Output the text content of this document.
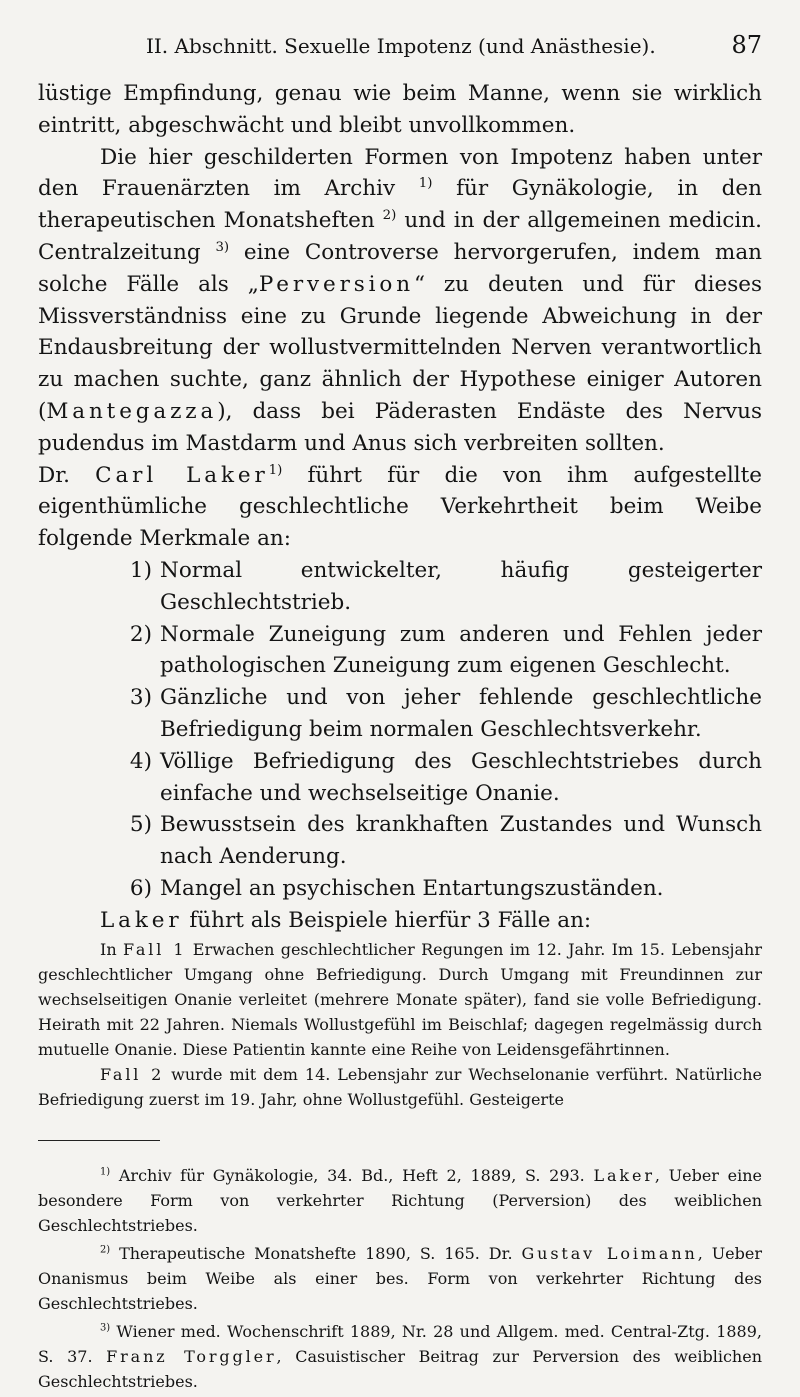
II. Abschnitt. Sexuelle Impotenz (und Anästhesie).	87

lüstige Empfindung, genau wie beim Manne, wenn sie wirklich eintritt, abgeschwächt und bleibt unvollkommen.

Die hier geschilderten Formen von Impotenz haben unter den Frauenärzten im Archiv $^{1)}$ für Gynäkologie, in den therapeutischen Monatsheften $^{2)}$ und in der allgemeinen medicin. Centralzeitung $^{3)}$ eine Controverse hervorgerufen, indem man solche Fälle als „Perversion“ zu deuten und für dieses Missverständniss eine zu Grunde liegende Abweichung in der Endausbreitung der wollustvermittelnden Nerven verantwortlich zu machen suchte, ganz ähnlich der Hypothese einiger Autoren (Mantegazza), dass bei Päderasten Endäste des Nervus pudendus im Mastdarm und Anus sich verbreiten sollten.

Dr. Carl Laker$^{1)}$ führt für die von ihm aufgestellte eigenthümliche geschlechtliche Verkehrtheit beim Weibe folgende Merkmale an:

1) Normal entwickelter, häufig gesteigerter Geschlechtstrieb.
2) Normale Zuneigung zum anderen und Fehlen jeder pathologischen Zuneigung zum eigenen Geschlecht.
3) Gänzliche und von jeher fehlende geschlechtliche Befriedigung beim normalen Geschlechtsverkehr.
4) Völlige Befriedigung des Geschlechtstriebes durch einfache und wechselseitige Onanie.
5) Bewusstsein des krankhaften Zustandes und Wunsch nach Aenderung.
6) Mangel an psychischen Entartungszuständen.

Laker führt als Beispiele hierfür 3 Fälle an:

In Fall 1 Erwachen geschlechtlicher Regungen im 12. Jahr. Im 15. Lebensjahr geschlechtlicher Umgang ohne Befriedigung. Durch Umgang mit Freundinnen zur wechselseitigen Onanie verleitet (mehrere Monate später), fand sie volle Befriedigung. Heirath mit 22 Jahren. Niemals Wollustgefühl im Beischlaf; dagegen regelmässig durch mutuelle Onanie. Diese Patientin kannte eine Reihe von Leidensgefährtinnen.

Fall 2 wurde mit dem 14. Lebensjahr zur Wechselonanie verführt. Natürliche Befriedigung zuerst im 19. Jahr, ohne Wollustgefühl. Gesteigerte

$^{1)}$ Archiv für Gynäkologie, 34. Bd., Heft 2, 1889, S. 293. Laker, Ueber eine besondere Form von verkehrter Richtung (Perversion) des weiblichen Geschlechtstriebes.

$^{2)}$ Therapeutische Monatshefte 1890, S. 165. Dr. Gustav Loimann, Ueber Onanismus beim Weibe als einer bes. Form von verkehrter Richtung des Geschlechtstriebes.

$^{3)}$ Wiener med. Wochenschrift 1889, Nr. 28 und Allgem. med. Central-Ztg. 1889, S. 37. Franz Torggler, Casuistischer Beitrag zur Perversion des weiblichen Geschlechtstriebes.
